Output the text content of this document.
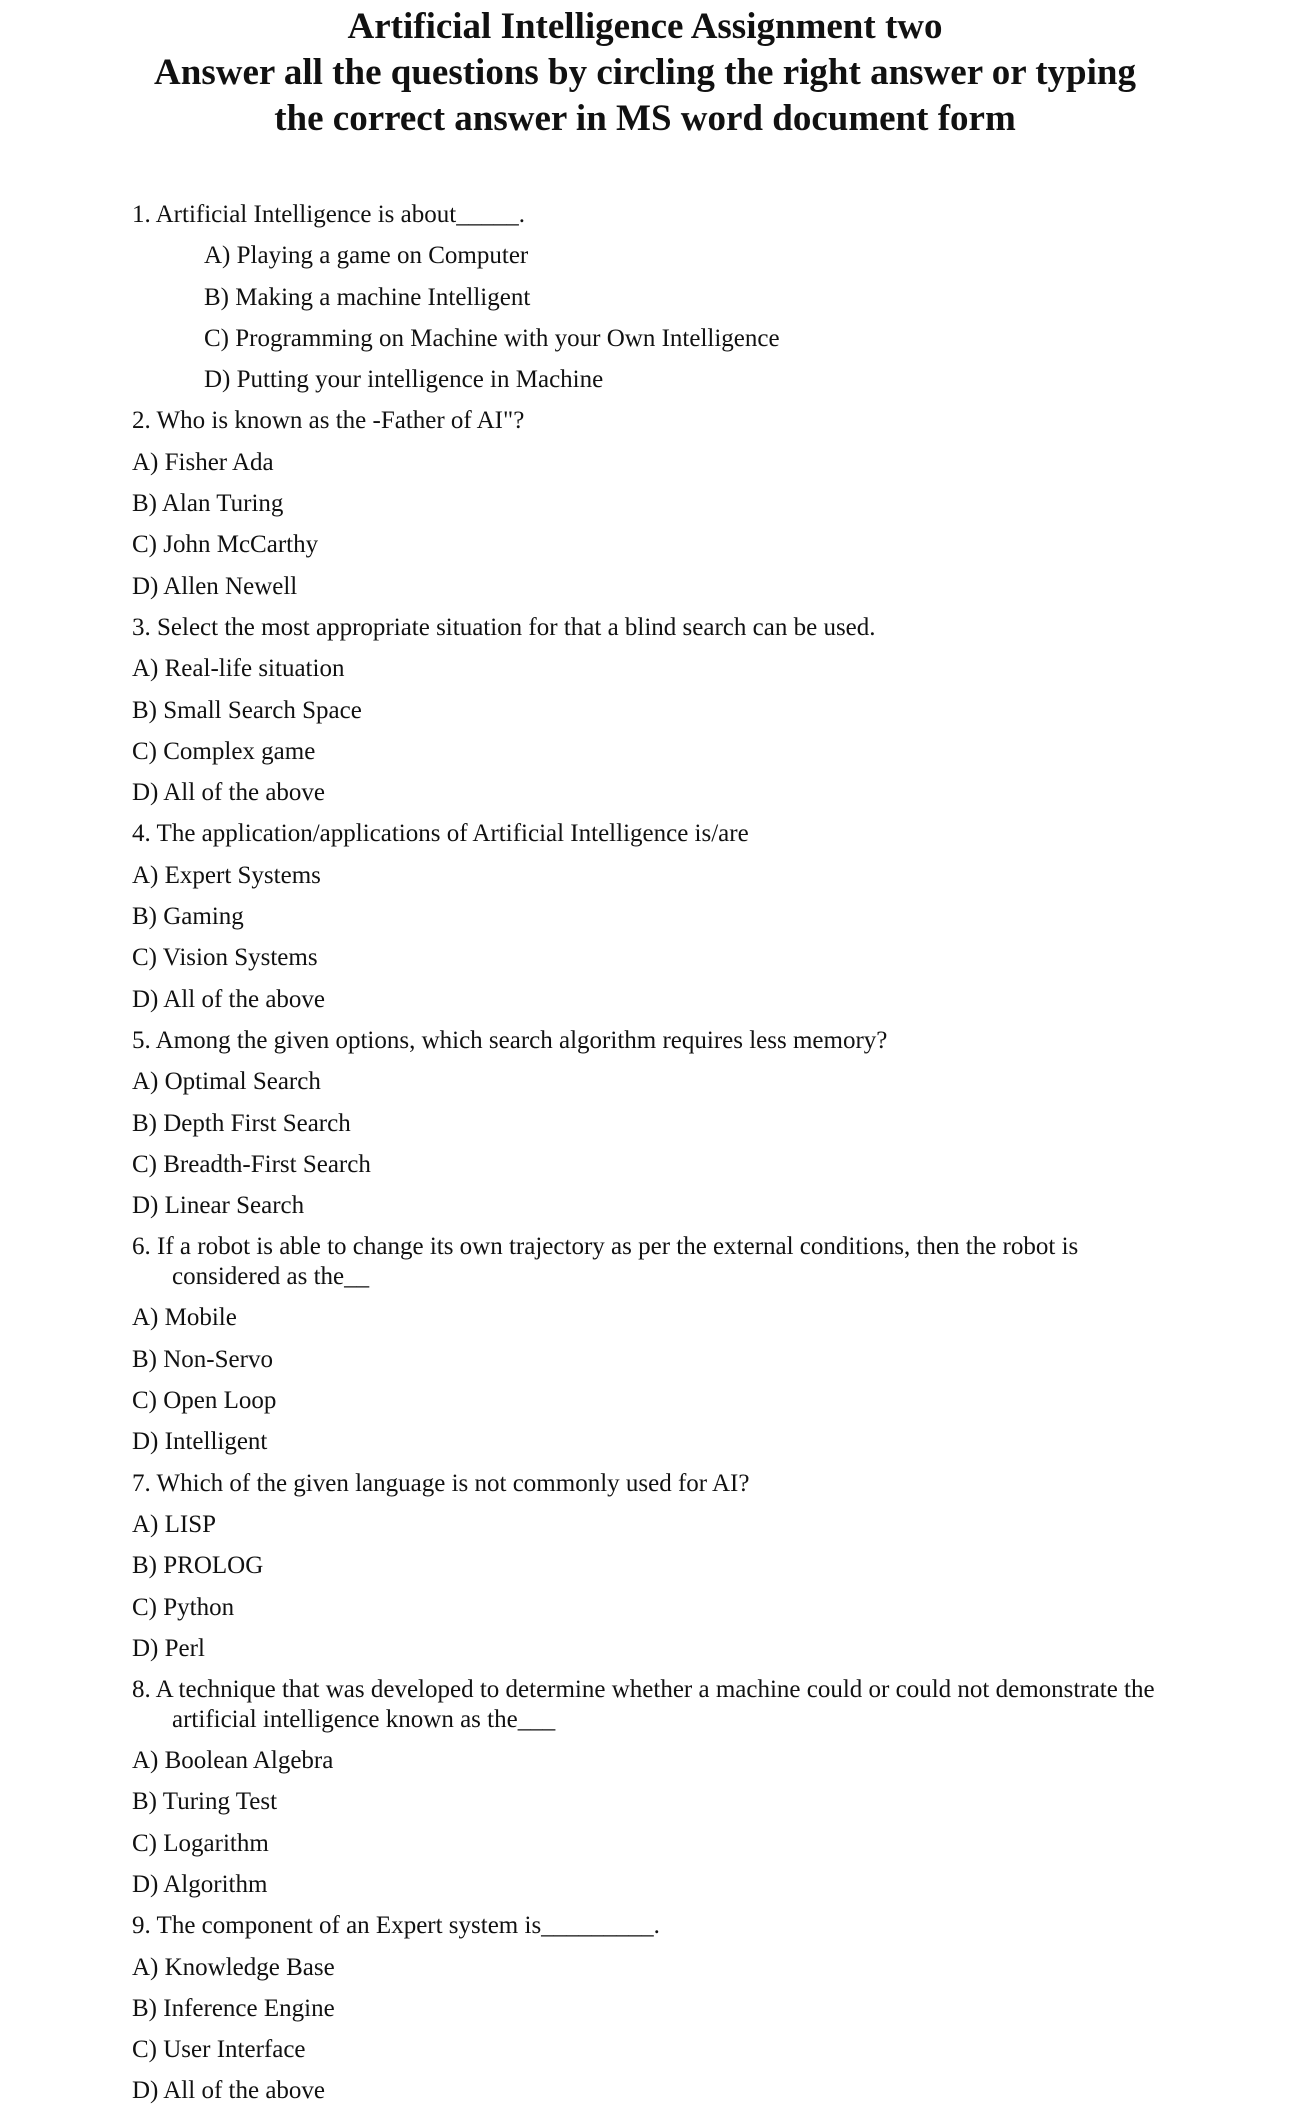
Artificial Intelligence Assignment two
Answer all the questions by circling the right answer or typing
the correct answer in MS word document form
1. Artificial Intelligence is about_____.
A) Playing a game on Computer
B) Making a machine Intelligent
C) Programming on Machine with your Own Intelligence
D) Putting your intelligence in Machine
2. Who is known as the -Father of AI"?
A) Fisher Ada
B) Alan Turing
C) John McCarthy
D) Allen Newell
3. Select the most appropriate situation for that a blind search can be used.
A) Real-life situation
B) Small Search Space
C) Complex game
D) All of the above
4. The application/applications of Artificial Intelligence is/are
A) Expert Systems
B) Gaming
C) Vision Systems
D) All of the above
5. Among the given options, which search algorithm requires less memory?
A) Optimal Search
B) Depth First Search
C) Breadth-First Search
D) Linear Search
6. If a robot is able to change its own trajectory as per the external conditions, then the robot is considered as the__
A) Mobile
B) Non-Servo
C) Open Loop
D) Intelligent
7. Which of the given language is not commonly used for AI?
A) LISP
B) PROLOG
C) Python
D) Perl
8. A technique that was developed to determine whether a machine could or could not demonstrate the artificial intelligence known as the___
A) Boolean Algebra
B) Turing Test
C) Logarithm
D) Algorithm
9. The component of an Expert system is_________.
A) Knowledge Base
B) Inference Engine
C) User Interface
D) All of the above
